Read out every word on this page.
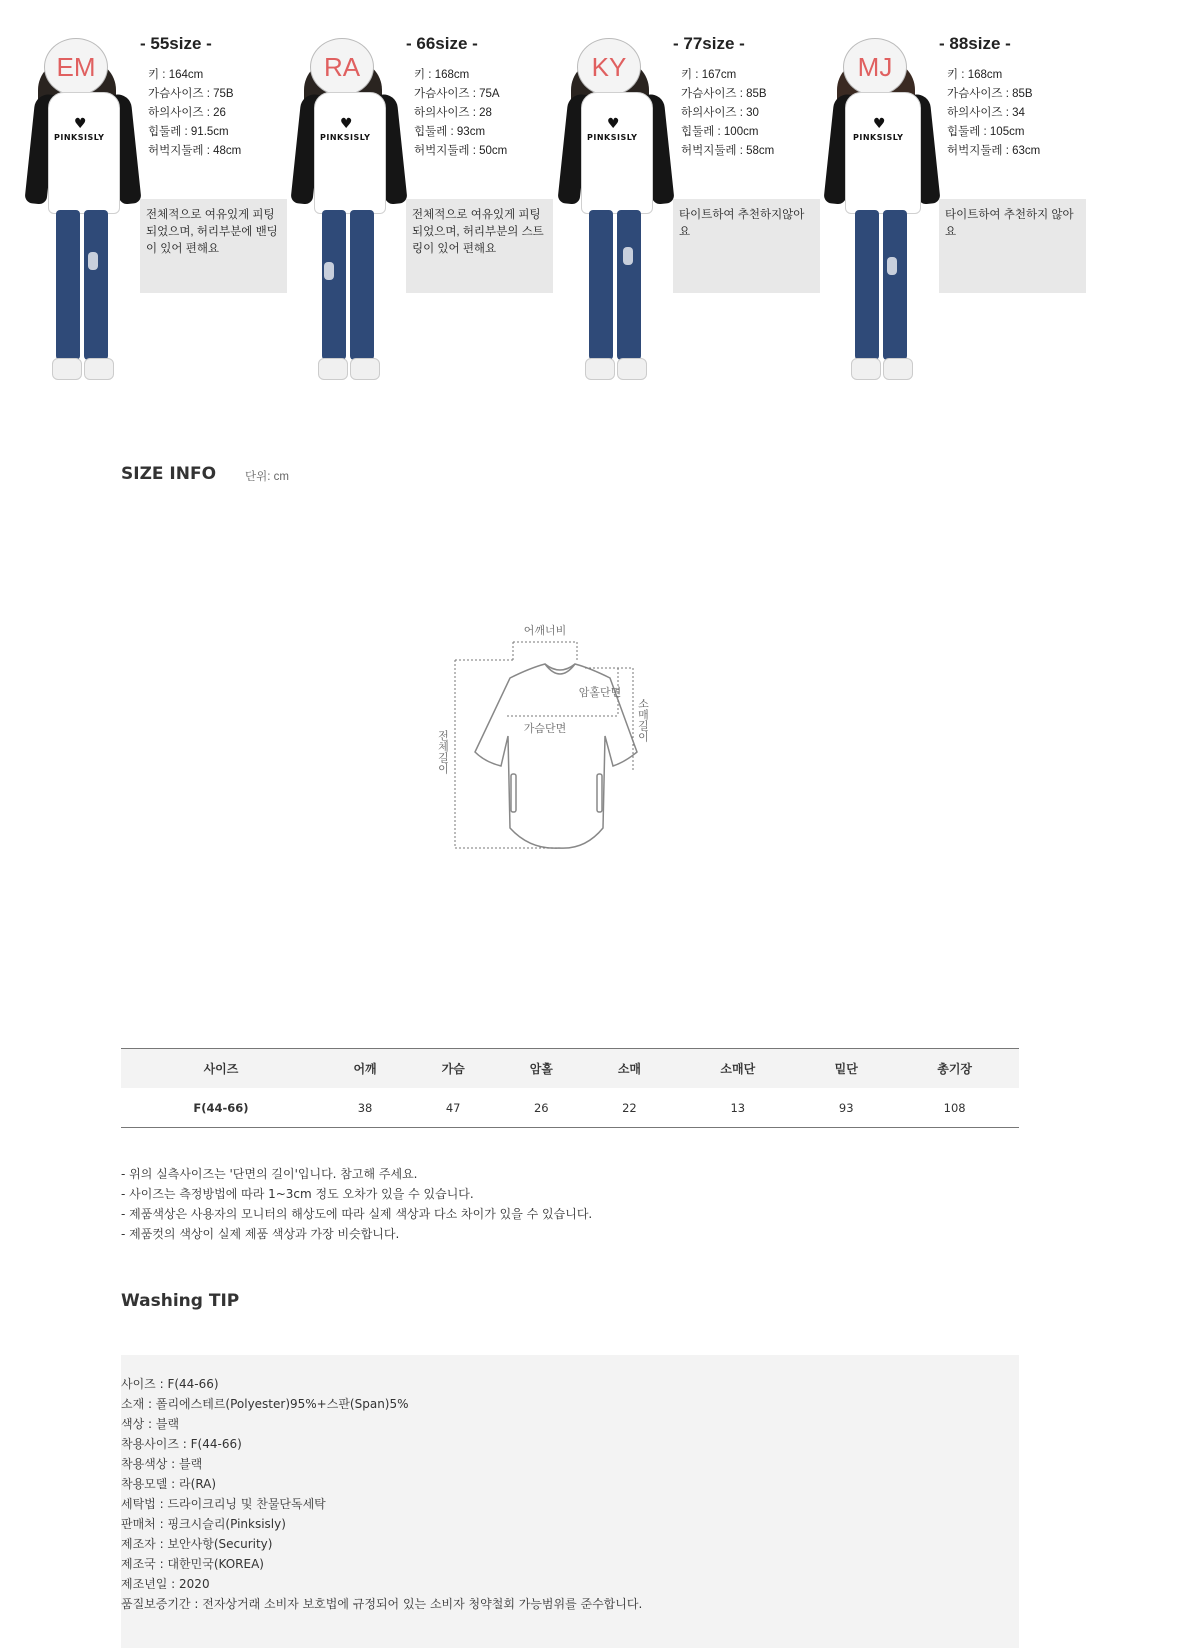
♥
PINKSISLY
EM
- 55size -
키 : 164cm
가슴사이즈 : 75B
하의사이즈 : 26
힙둘레 : 91.5cm
허벅지둘레 : 48cm
전체적으로 여유있게 피팅되었으며, 허리부분에 밴딩이 있어 편해요
♥
PINKSISLY
RA
- 66size -
키 : 168cm
가슴사이즈 : 75A
하의사이즈 : 28
힙둘레 : 93cm
허벅지둘레 : 50cm
전체적으로 여유있게 피팅되었으며, 허리부분의 스트링이 있어 편해요
♥
PINKSISLY
KY
- 77size -
키 : 167cm
가슴사이즈 : 85B
하의사이즈 : 30
힙둘레 : 100cm
허벅지둘레 : 58cm
타이트하여 추천하지않아요
♥
PINKSISLY
MJ
- 88size -
키 : 168cm
가슴사이즈 : 85B
하의사이즈 : 34
힙둘레 : 105cm
허벅지둘레 : 63cm
타이트하여 추천하지 않아요
SIZE INFO	단위: cm
어깨너비
암홀단면
가슴단면	소매길이
전체길이
사이즈	어깨	가슴	암홀	소매	소매단	밑단	총기장
F(44-66)	38	47	26	22	13	93	108
- 위의 실측사이즈는 '단면의 길이'입니다. 참고해 주세요.
- 사이즈는 측정방법에 따라 1~3cm 정도 오차가 있을 수 있습니다.
- 제품색상은 사용자의 모니터의 해상도에 따라 실제 색상과 다소 차이가 있을 수 있습니다.
- 제품컷의 색상이 실제 제품 색상과 가장 비슷합니다.
Washing TIP
사이즈 : F(44-66)
소재 : 폴리에스테르(Polyester)95%+스판(Span)5%
색상 : 블랙
착용사이즈 : F(44-66)
착용색상 : 블랙
착용모델 : 라(RA)
세탁법 : 드라이크리닝 및 찬물단독세탁
판매처 : 핑크시슬리(Pinksisly)
제조자 : 보안사항(Security)
제조국 : 대한민국(KOREA)
제조년일 : 2020
품질보증기간 : 전자상거래 소비자 보호법에 규정되어 있는 소비자 청약철회 가능범위를 준수합니다.
